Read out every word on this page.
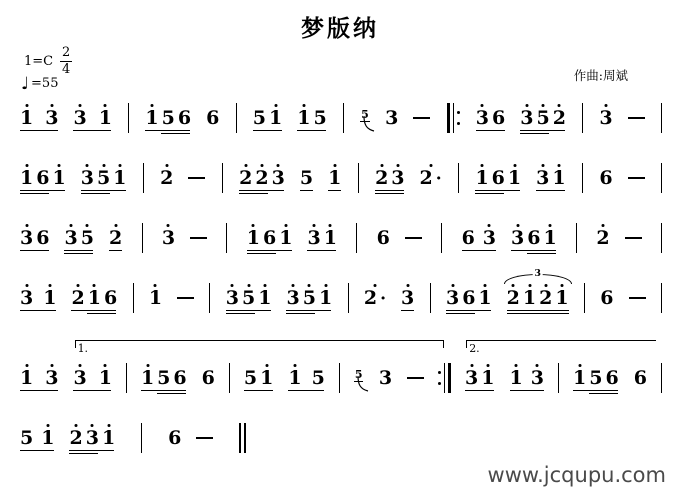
梦版纳
1=C
2
4
♩ =55
作曲:周斌
1 3 3 1 1 5 6 6 5 1 1 5	5 3	3 6 3 5 2 3
1 6 1 3 5 1 2	2 2 3 5 1 2 3 2 · 1 6 1 3 1 6
3 6 3 5 2 3	1 6 1 3 1 6	6 3 3 6 1 2
3 1 2 1 6 1	3 5 1 3 5 1 2 · 3 3 6 1 2 1 2 1
3
6
1.	2.
1 3 3 1 1 5 6 6 5 1 1 5	5 3	3 1 1 3 1 5 6 6
5 1 2 3 1	6
www.jcqupu.com
